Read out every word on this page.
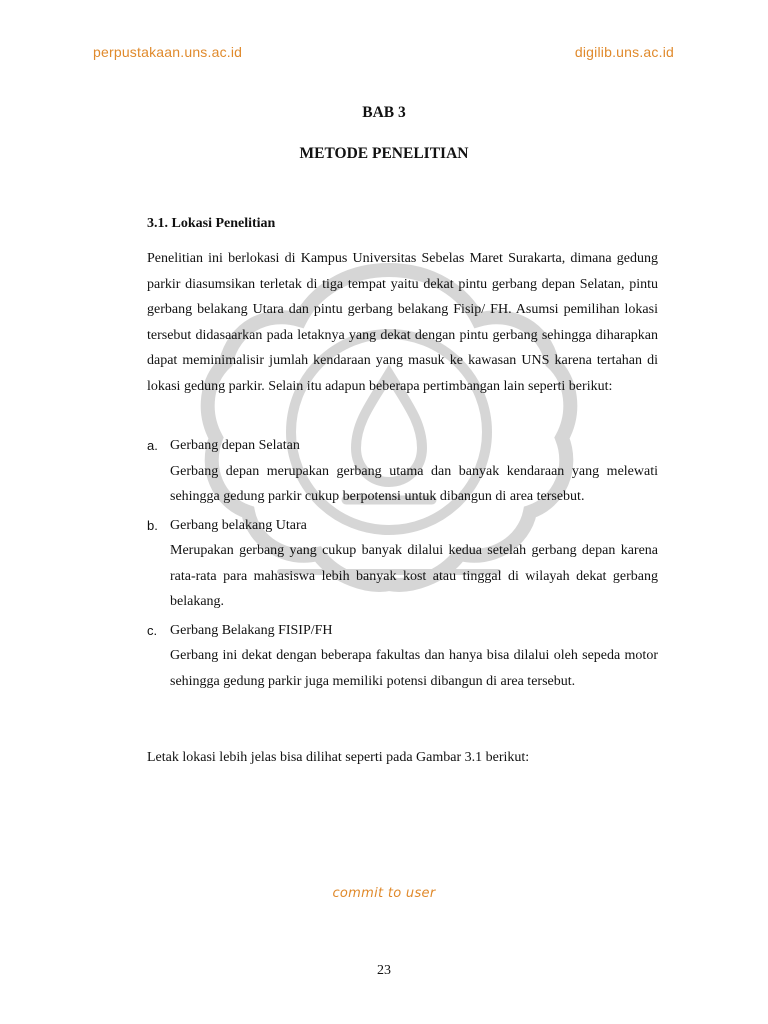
perpustakaan.uns.ac.id	digilib.uns.ac.id
BAB 3
METODE PENELITIAN
3.1. Lokasi Penelitian

Penelitian ini berlokasi di Kampus Universitas Sebelas Maret Surakarta, dimana gedung parkir diasumsikan terletak di tiga tempat yaitu dekat pintu gerbang depan Selatan, pintu gerbang belakang Utara dan pintu gerbang belakang Fisip/ FH. Asumsi pemilihan lokasi tersebut didasaarkan pada letaknya yang dekat dengan pintu gerbang sehingga diharapkan dapat meminimalisir jumlah kendaraan yang masuk ke kawasan UNS karena tertahan di lokasi gedung parkir. Selain itu adapun beberapa pertimbangan lain seperti berikut:

a. Gerbang depan Selatan
Gerbang depan merupakan gerbang utama dan banyak kendaraan yang melewati sehingga gedung parkir cukup berpotensi untuk dibangun di area tersebut.
b. Gerbang belakang Utara
Merupakan gerbang yang cukup banyak dilalui kedua setelah gerbang depan karena rata-rata para mahasiswa lebih banyak kost atau tinggal di wilayah dekat gerbang belakang.
c. Gerbang Belakang FISIP/FH
Gerbang ini dekat dengan beberapa fakultas dan hanya bisa dilalui oleh sepeda motor sehingga gedung parkir juga memiliki potensi dibangun di area tersebut.

Letak lokasi lebih jelas bisa dilihat seperti pada Gambar 3.1 berikut:

commit to user
23
